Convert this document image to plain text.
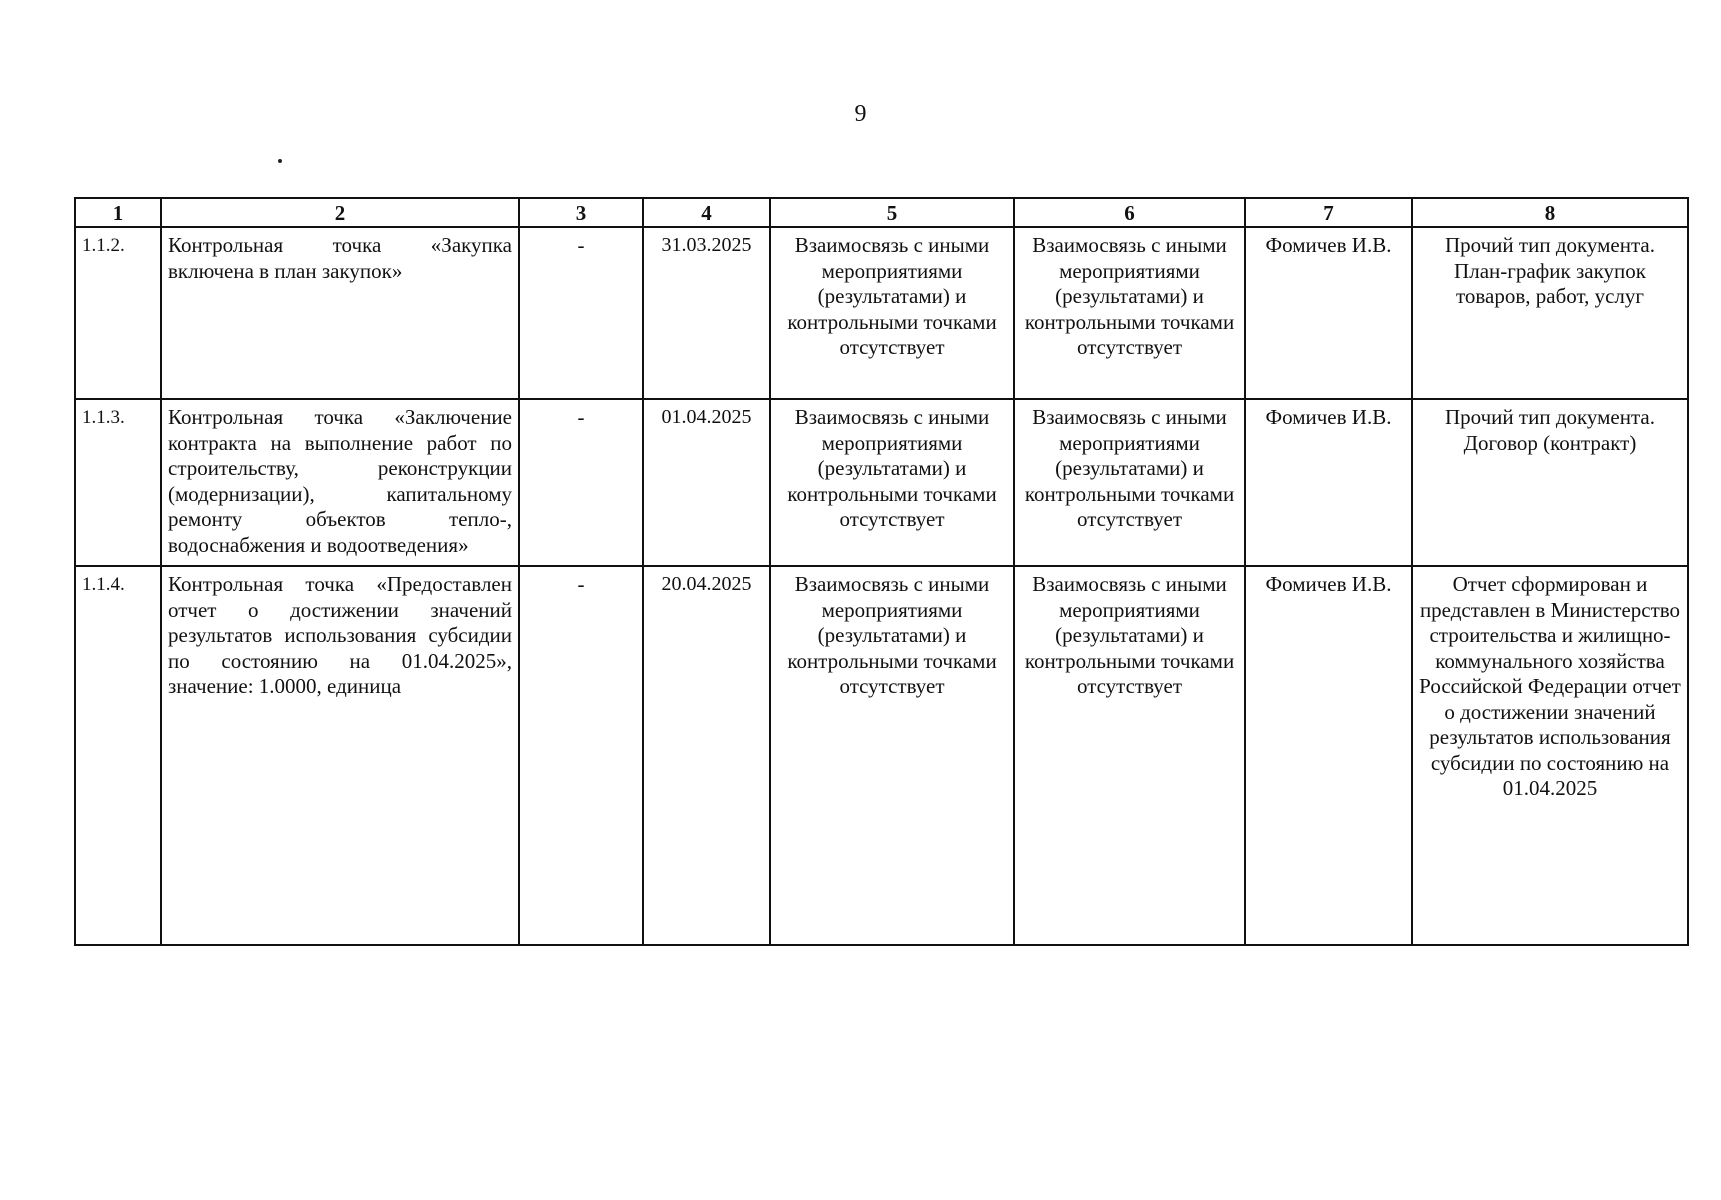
9
1	2	3	4	5	6	7	8
1.1.2.	Контрольная точка «Закупка включена в план закупок»	-	31.03.2025	Взаимосвязь с иными мероприятиями (результатами) и контрольными точками отсутствует	Взаимосвязь с иными мероприятиями (результатами) и контрольными точками отсутствует	Фомичев И.В.	Прочий тип документа. План-график закупок товаров, работ, услуг
1.1.3.	Контрольная точка «Заключение контракта на выполнение работ по строительству, реконструкции (модернизации), капитальному ремонту объектов тепло-, водоснабжения и водоотведения»	-	01.04.2025	Взаимосвязь с иными мероприятиями (результатами) и контрольными точками отсутствует	Взаимосвязь с иными мероприятиями (результатами) и контрольными точками отсутствует	Фомичев И.В.	Прочий тип документа. Договор (контракт)
1.1.4.	Контрольная точка «Предоставлен отчет о достижении значений результатов использования субсидии по состоянию на 01.04.2025», значение: 1.0000, единица	-	20.04.2025	Взаимосвязь с иными мероприятиями (результатами) и контрольными точками отсутствует	Взаимосвязь с иными мероприятиями (результатами) и контрольными точками отсутствует	Фомичев И.В.	Отчет сформирован и представлен в Министерство строительства и жилищно-коммунального хозяйства Российской Федерации отчет о достижении значений результатов использования субсидии по состоянию на 01.04.2025
